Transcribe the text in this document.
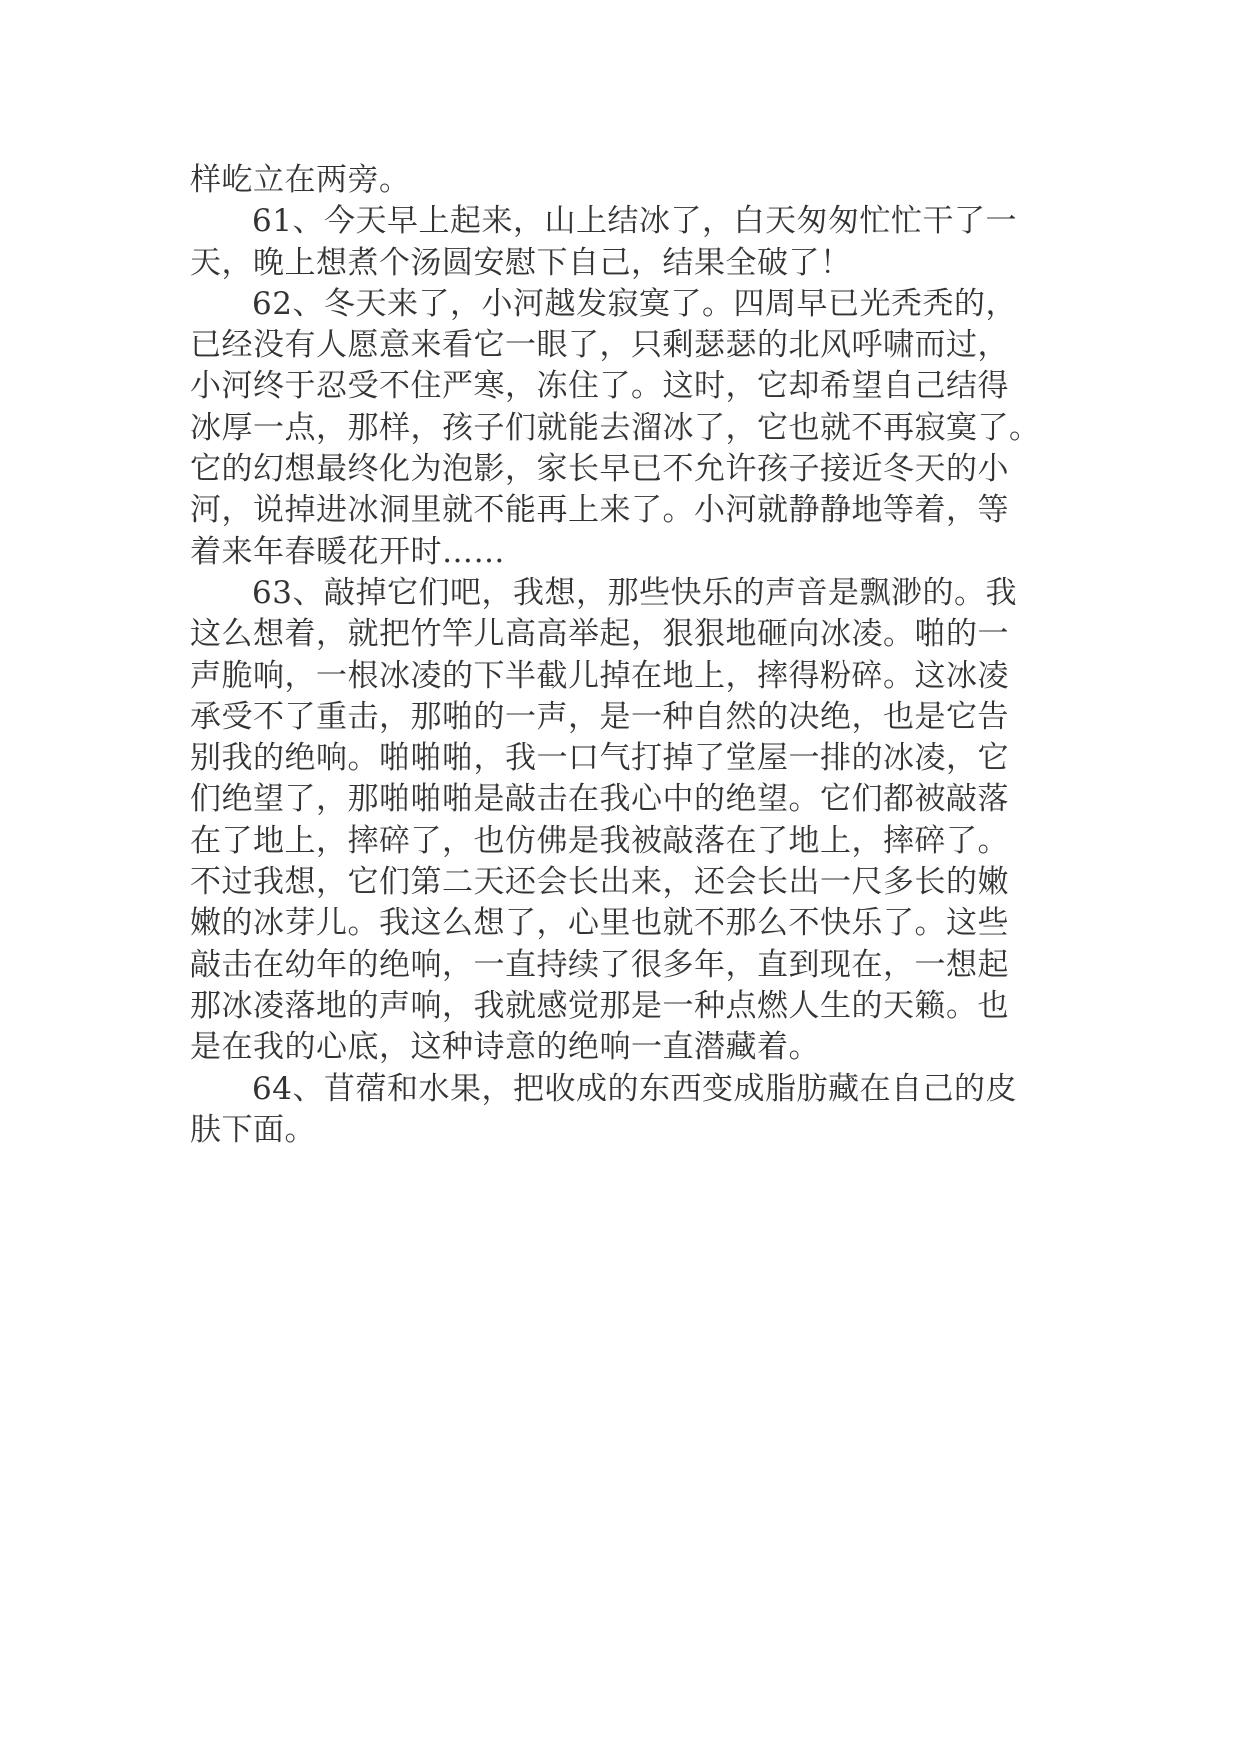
样屹立在两旁。
61、今天早上起来，山上结冰了，白天匆匆忙忙干了一
天，晚上想煮个汤圆安慰下自己，结果全破了！
62、冬天来了，小河越发寂寞了。四周早已光秃秃的，
已经没有人愿意来看它一眼了，只剩瑟瑟的北风呼啸而过，
小河终于忍受不住严寒，冻住了。这时，它却希望自己结得
冰厚一点，那样，孩子们就能去溜冰了，它也就不再寂寞了。
它的幻想最终化为泡影，家长早已不允许孩子接近冬天的小
河，说掉进冰洞里就不能再上来了。小河就静静地等着，等
着来年春暖花开时……
63、敲掉它们吧，我想，那些快乐的声音是飘渺的。我
这么想着，就把竹竿儿高高举起，狠狠地砸向冰凌。啪的一
声脆响，一根冰凌的下半截儿掉在地上，摔得粉碎。这冰凌
承受不了重击，那啪的一声，是一种自然的决绝，也是它告
别我的绝响。啪啪啪，我一口气打掉了堂屋一排的冰凌，它
们绝望了，那啪啪啪是敲击在我心中的绝望。它们都被敲落
在了地上，摔碎了，也仿佛是我被敲落在了地上，摔碎了。
不过我想，它们第二天还会长出来，还会长出一尺多长的嫩
嫩的冰芽儿。我这么想了，心里也就不那么不快乐了。这些
敲击在幼年的绝响，一直持续了很多年，直到现在，一想起
那冰凌落地的声响，我就感觉那是一种点燃人生的天籁。也
是在我的心底，这种诗意的绝响一直潜藏着。
64、苜蓿和水果，把收成的东西变成脂肪藏在自己的皮
肤下面。
